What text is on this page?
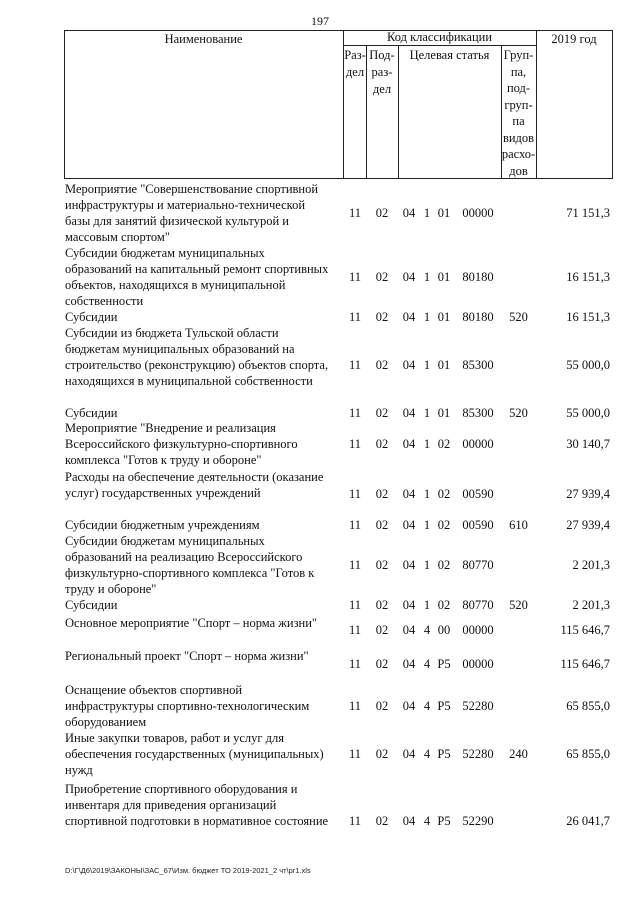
197
Наименование	Код классификации	2019 год
Раз-
дел
Под-
раз-
дел
Целевая статья	Груп-
па,
под-
груп-
па
видов
расхо-
дов
Мероприятие "Совершенствование спортивной
инфраструктуры и материально-технической
базы для занятий физической культурой и
массовым спортом"
11	02	04 1 01 00000	71 151,3
Субсидии бюджетам муниципальных
образований на капитальный ремонт спортивных
объектов, находящихся в муниципальной
собственности
11	02	04 1 01 80180	16 151,3
Субсидии	11	02	04 1 01 80180	520	16 151,3
Субсидии из бюджета Тульской области
бюджетам муниципальных образований на
строительство (реконструкцию) объектов спорта,
находящихся в муниципальной собственности
11	02	04 1 01 85300	55 000,0
Субсидии	11	02	04 1 01 85300	520	55 000,0
Мероприятие "Внедрение и реализация
Всероссийского физкультурно-спортивного
комплекса "Готов к труду и обороне"
11	02	04 1 02 00000	30 140,7
Расходы на обеспечение деятельности (оказание
услуг) государственных учреждений	11	02	04 1 02 00590	27 939,4
Субсидии бюджетным учреждениям	11	02	04 1 02 00590	610	27 939,4
Субсидии бюджетам муниципальных
образований на реализацию Всероссийского
физкультурно-спортивного комплекса "Готов к
труду и обороне"
11	02	04 1 02 80770	2 201,3
Субсидии	11	02	04 1 02 80770	520	2 201,3
Основное мероприятие "Спорт – норма жизни"	11	02	04 4 00 00000	115 646,7
Региональный проект "Спорт – норма жизни"
11	02	04 4 P5 00000	115 646,7
Оснащение объектов спортивной
инфраструктуры спортивно-технологическим
оборудованием
11	02	04 4 P5 52280	65 855,0
Иные закупки товаров, работ и услуг для
обеспечения государственных (муниципальных)
нужд
11	02	04 4 P5 52280	240	65 855,0
Приобретение спортивного оборудования и
инвентаря для приведения организаций
спортивной подготовки в нормативное состояние	11	02	04 4 P5 52290	26 041,7
D:\Г\Д6\2019\ЗАКОНЫ\ЗАС_67\Изм. бюджет ТО 2019-2021_2 чт\pr1.xls
